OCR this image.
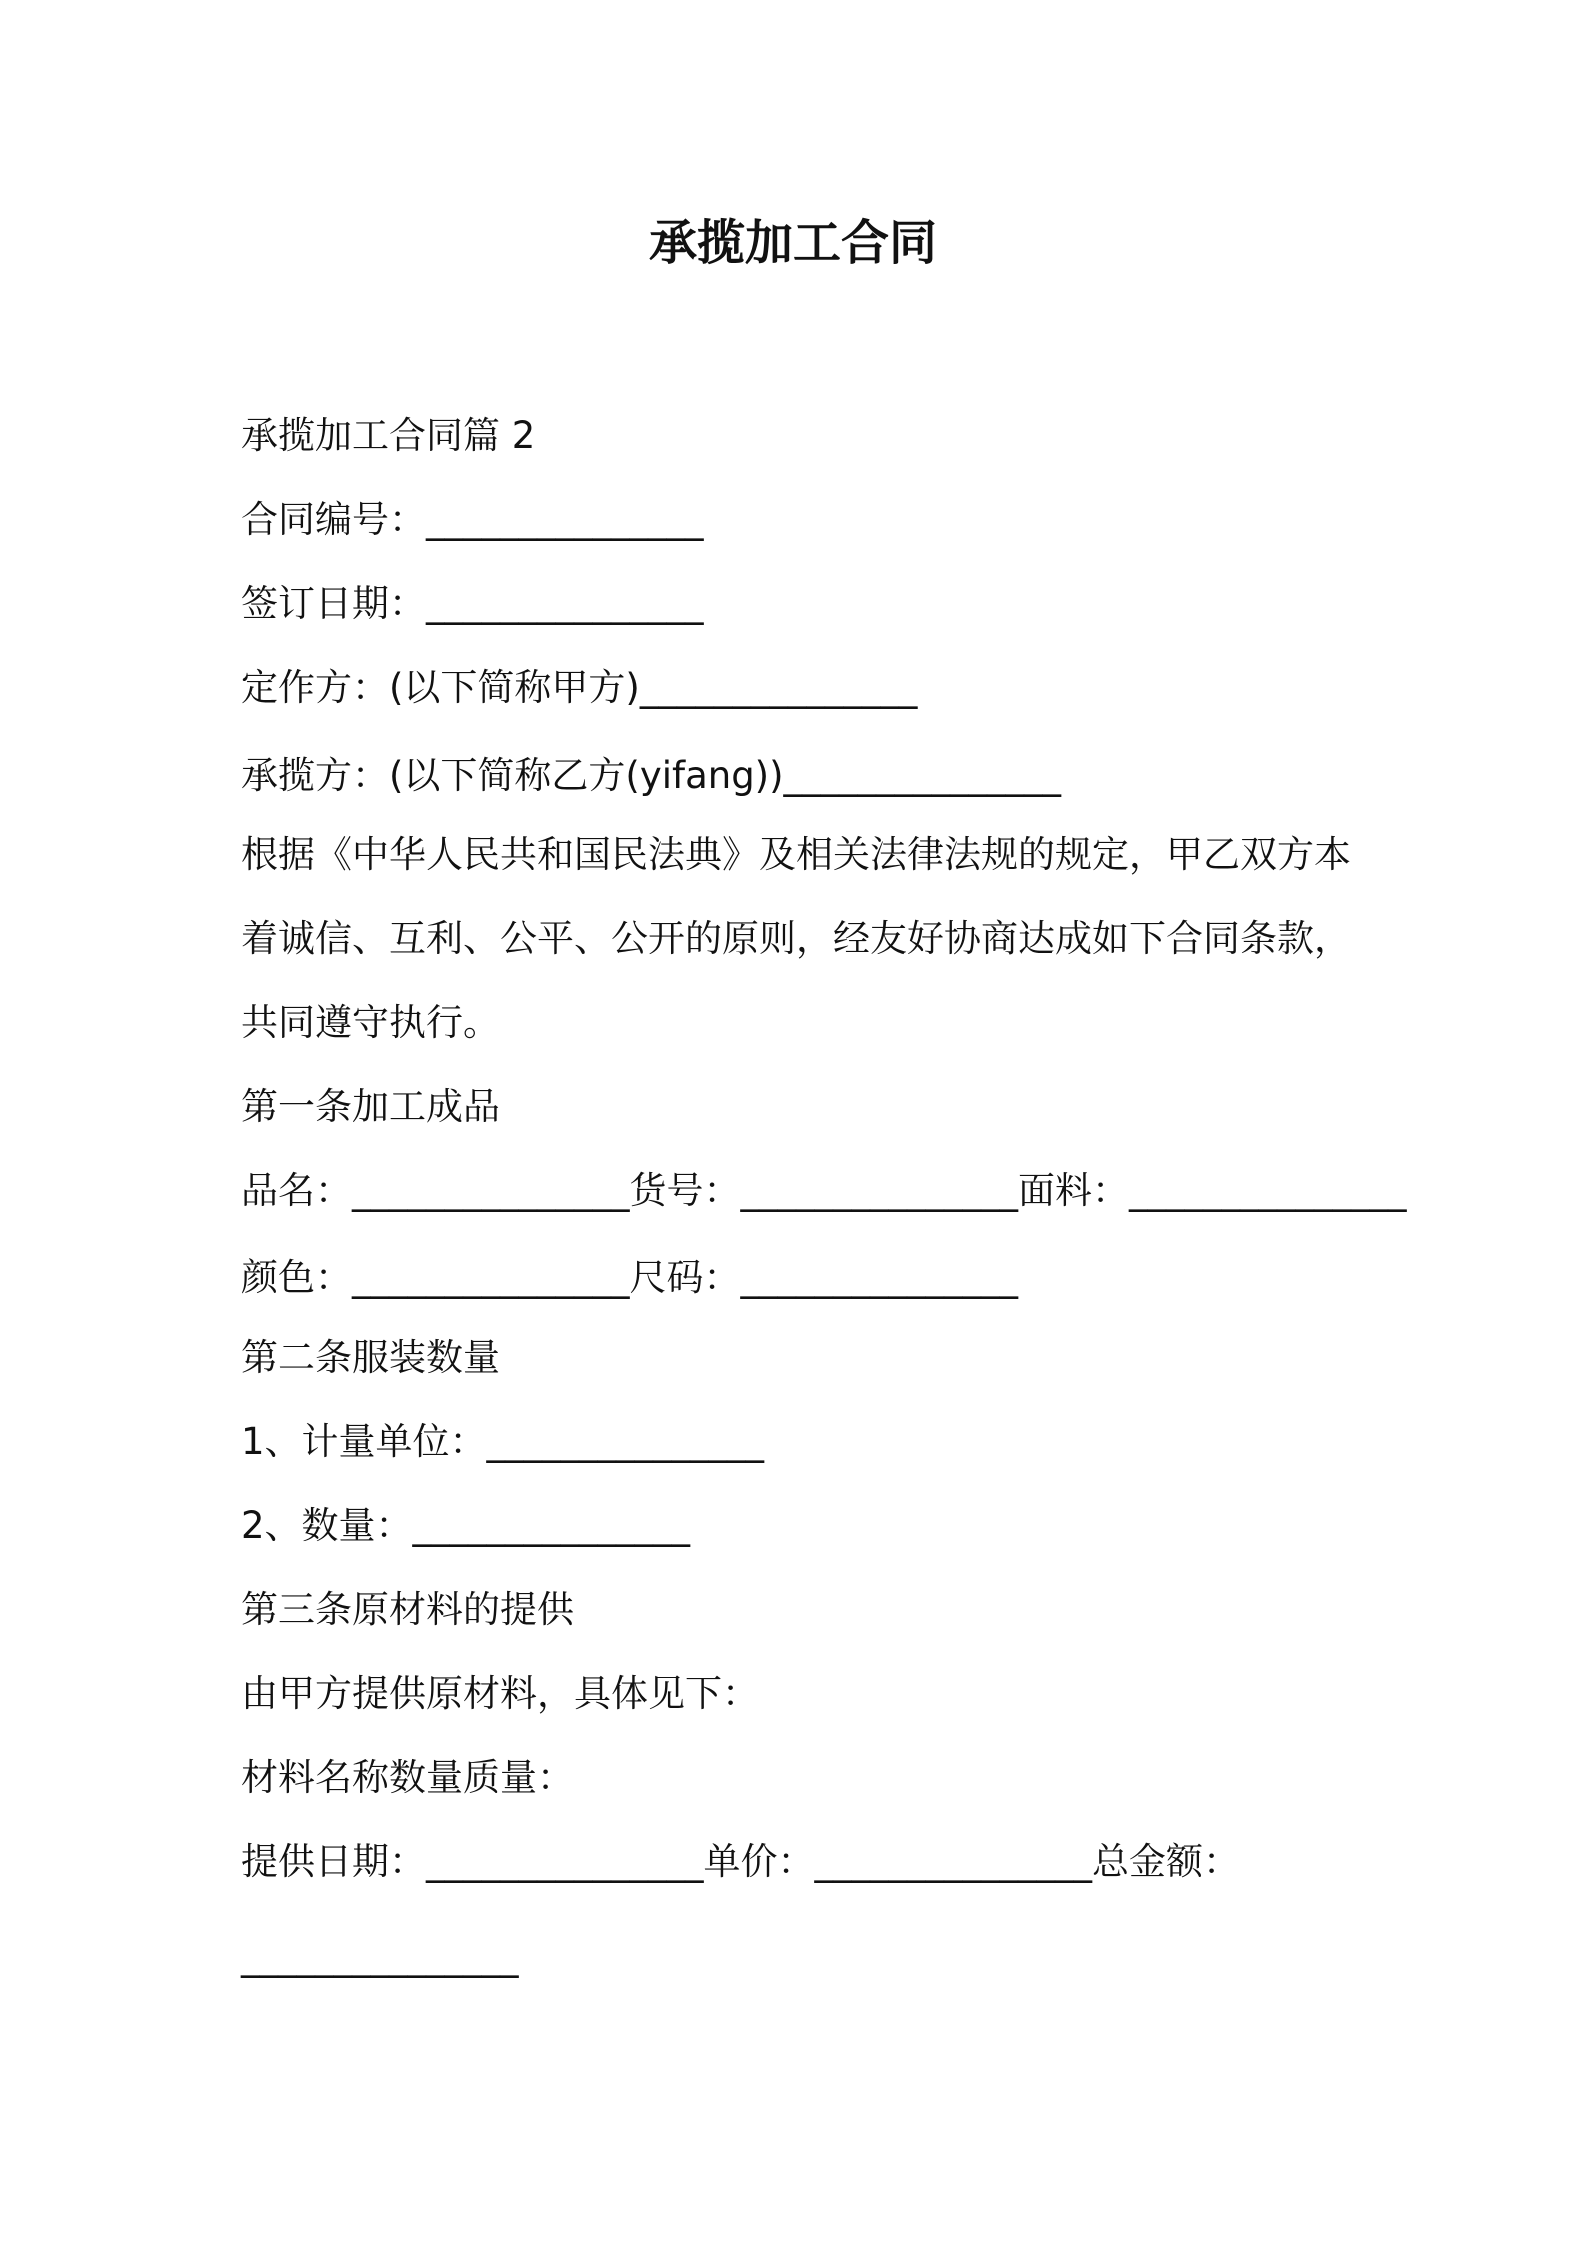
承揽加工合同
承揽加工合同篇 2
合同编号：_______________
签订日期：_______________
定作方：(以下简称甲方)_______________
承揽方：(以下简称乙方(yifang))_______________
根据《中华人民共和国民法典》及相关法律法规的规定，甲乙双方本
着诚信、互利、公平、公开的原则，经友好协商达成如下合同条款，
共同遵守执行。
第一条加工成品
品名：_______________货号：_______________面料：_______________
颜色：_______________尺码：_______________
第二条服装数量
1、计量单位：_______________
2、数量：_______________
第三条原材料的提供
由甲方提供原材料，具体见下：
材料名称数量质量：
提供日期：_______________单价：_______________总金额：
_______________
